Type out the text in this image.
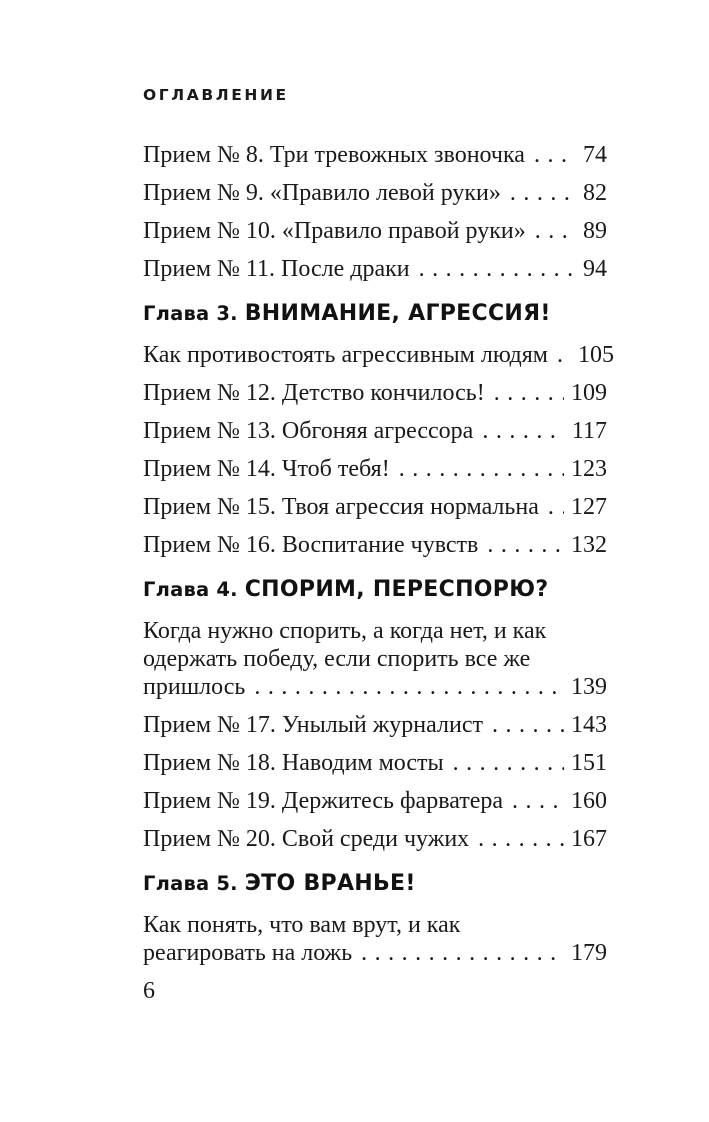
ОГЛАВЛЕНИЕ
Прием № 8. Три тревожных звоночка ..... 74
Прием № 9. «Правило левой руки» .....	82
Прием № 10. «Правило правой руки» ..... 89
Прием № 11. После драки .....	94
Глава 3. ВНИМАНИЕ, АГРЕССИЯ!
Как противостоять агрессивным людям ..... 105
Прием № 12. Детство кончилось! .....	109
Прием № 13. Обгоняя агрессора .....	117
Прием № 14. Чтоб тебя! .....	123
Прием № 15. Твоя агрессия нормальна ..... 127
Прием № 16. Воспитание чувств .....	132
Глава 4. СПОРИМ, ПЕРЕСПОРЮ?
Когда нужно спорить, а когда нет, и как
одержать победу, если спорить все же
пришлось .....	139
Прием № 17. Унылый журналист .....	143
Прием № 18. Наводим мосты .....	151
Прием № 19. Держитесь фарватера .....	160
Прием № 20. Свой среди чужих .....	167
Глава 5. ЭТО ВРАНЬЕ!
Как понять, что вам врут, и как
реагировать на ложь .....	179
6
